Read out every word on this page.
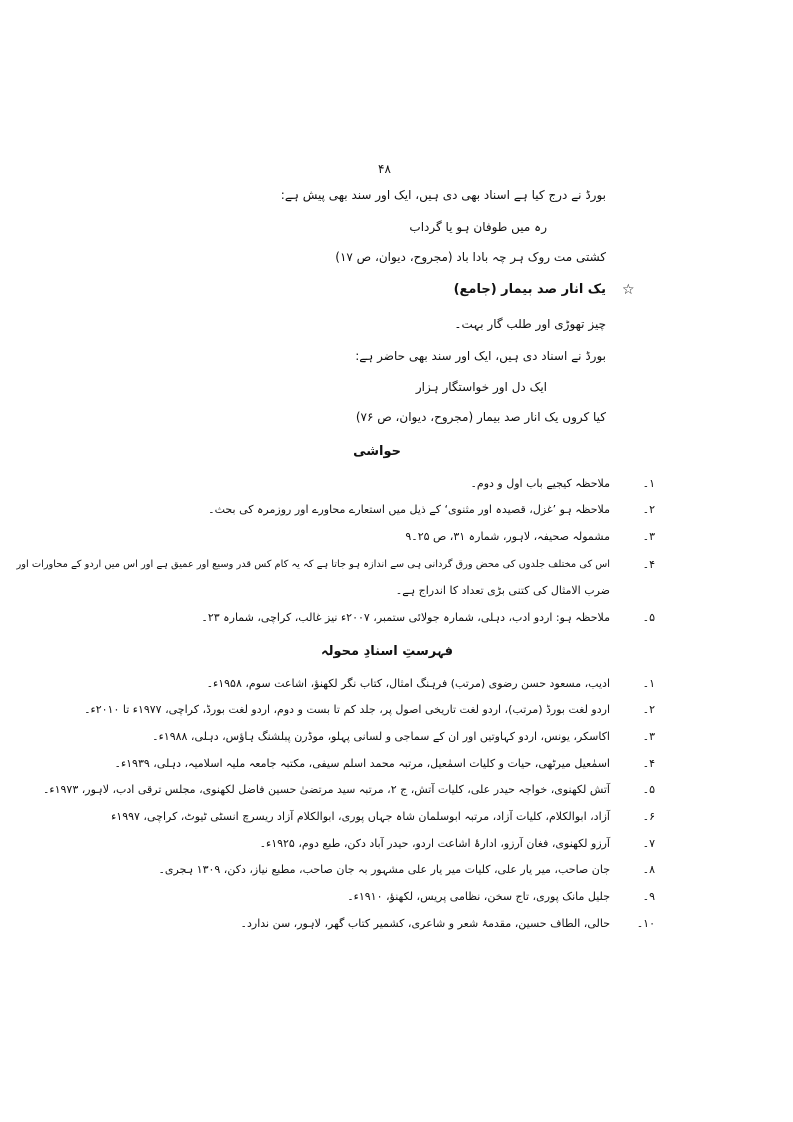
۴۸
بورڈ نے درج کیا ہے اسناد بھی دی ہیں، ایک اور سند بھی پیش ہے:
رہ میں طوفان ہو یا گرداب
کشتی مت روک ہر چہ بادا باد (مجروح، دیوان، ص ۱۷)
☆
یک انار صد بیمار (جامع)
چیز تھوڑی اور طلب گار بہت۔
بورڈ نے اسناد دی ہیں، ایک اور سند بھی حاضر ہے:
ایک دل اور خواستگار ہزار
کیا کروں یک انار صد بیمار (مجروح، دیوان، ص ۷۶)
حواشی
۱۔
ملاحظہ کیجیے باب اول و دوم۔
۲۔
ملاحظہ ہو ’غزل، قصیدہ اور مثنوی‘ کے ذیل میں استعارے محاورے اور روزمرہ کی بحث۔
۳۔
مشمولہ صحیفہ، لاہور، شمارہ ۳۱، ص ۲۵۔۹
۴۔
اس کی مختلف جلدوں کی محض ورق گردانی ہی سے اندازہ ہو جاتا ہے کہ یہ کام کس قدر وسیع اور عمیق ہے اور اس میں اردو کے محاورات اور
ضرب الامثال کی کتنی بڑی تعداد کا اندراج ہے۔
۵۔
ملاحظہ ہو: اردو ادب، دہلی، شمارہ جولائی ستمبر، ۲۰۰۷ء نیز غالب، کراچی، شمارہ ۲۳۔
فہرستِ اسنادِ محولہ
۱۔
ادیب، مسعود حسن رضوی (مرتب) فرہنگ امثال، کتاب نگر لکھنؤ، اشاعت سوم، ۱۹۵۸ء۔
۲۔
اردو لغت بورڈ (مرتب)، اردو لغت تاریخی اصول پر، جلد کم تا بست و دوم، اردو لغت بورڈ، کراچی، ۱۹۷۷ء تا ۲۰۱۰ء۔
۳۔
اکاسکر، یونس، اردو کہاوتیں اور ان کے سماجی و لسانی پہلو، موڈرن پبلشنگ ہاؤس، دہلی، ۱۹۸۸ء۔
۴۔
اسمٰعیل میرٹھی، حیات و کلیات اسمٰعیل، مرتبہ محمد اسلم سیفی، مکتبہ جامعہ ملیہ اسلامیہ، دہلی، ۱۹۳۹ء۔
۵۔
آتش لکھنوی، خواجہ حیدر علی، کلیات آتش، ج ۲، مرتبہ سید مرتضیٰ حسین فاضل لکھنوی، مجلس ترقی ادب، لاہور، ۱۹۷۳ء۔
۶۔
آزاد، ابوالکلام، کلیات آزاد، مرتبہ ابوسلمان شاہ جہاں پوری، ابوالکلام آزاد ریسرچ انسٹی ٹیوٹ، کراچی، ۱۹۹۷ء
۷۔
آرزو لکھنوی، فغان آرزو، ادارۂ اشاعت اردو، حیدر آباد دکن، طبع دوم، ۱۹۲۵ء۔
۸۔
جان صاحب، میر یار علی، کلیات میر یار علی مشہور بہ جان صاحب، مطبع نیاز، دکن، ۱۳۰۹ ہجری۔
۹۔
جلیل مانک پوری، تاج سخن، نظامی پریس، لکھنؤ، ۱۹۱۰ء۔
۱۰۔
حالی، الطاف حسین، مقدمۂ شعر و شاعری، کشمیر کتاب گھر، لاہور، سن ندارد۔
